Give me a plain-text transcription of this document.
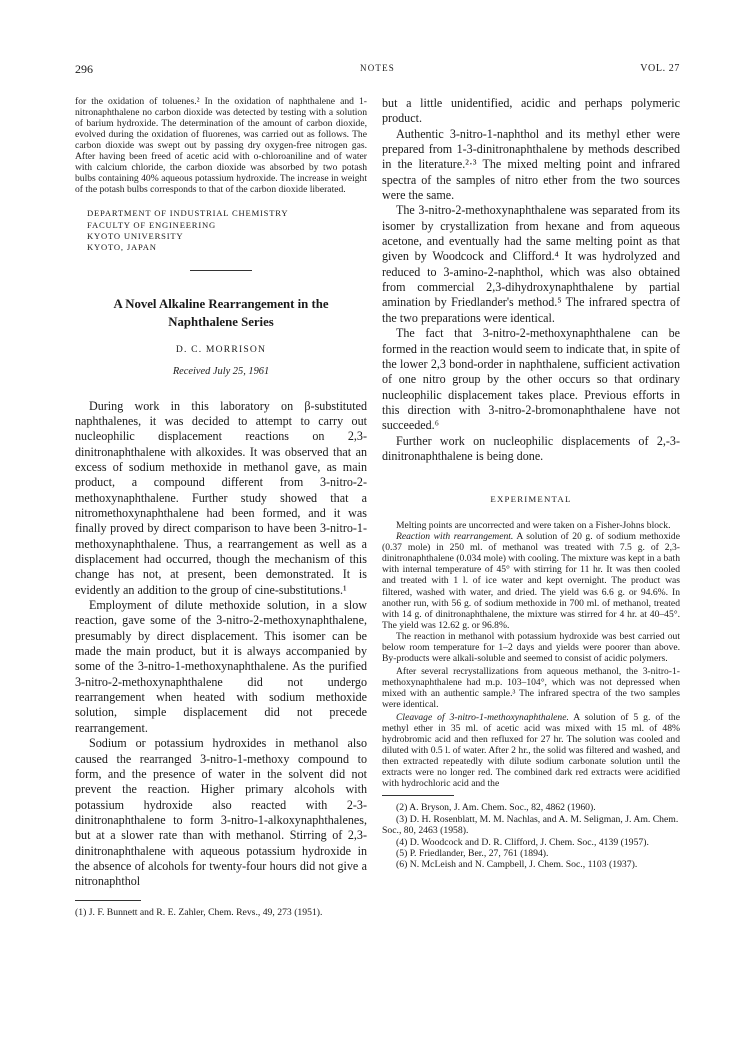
296	NOTES	VOL. 27

for the oxidation of toluenes.² In the oxidation of naphthalene and 1-nitronaphthalene no carbon dioxide was detected by testing with a solution of barium hydroxide. The determination of the amount of carbon dioxide, evolved during the oxidation of fluorenes, was carried out as follows. The carbon dioxide was swept out by passing dry oxygen-free nitrogen gas. After having been freed of acetic acid with o-chloroaniline and of water with calcium chloride, the carbon dioxide was absorbed by two potash bulbs containing 40% aqueous potassium hydroxide. The increase in weight of the potash bulbs corresponds to that of the carbon dioxide liberated.

DEPARTMENT OF INDUSTRIAL CHEMISTRY
FACULTY OF ENGINEERING
KYOTO UNIVERSITY
KYOTO, JAPAN
A Novel Alkaline Rearrangement in the
Naphthalene Series
D. C. MORRISON
Received July 25, 1961

During work in this laboratory on β-substituted naphthalenes, it was decided to attempt to carry out nucleophilic displacement reactions on 2,3-dinitronaphthalene with alkoxides. It was observed that an excess of sodium methoxide in methanol gave, as main product, a compound different from 3-nitro-2-methoxynaphthalene. Further study showed that a nitromethoxynaphthalene had been formed, and it was finally proved by direct comparison to have been 3-nitro-1-methoxynaphthalene. Thus, a rearrangement as well as a displacement had occurred, though the mechanism of this change has not, at present, been demonstrated. It is evidently an addition to the group of cine-substitutions.¹

Employment of dilute methoxide solution, in a slow reaction, gave some of the 3-nitro-2-methoxynaphthalene, presumably by direct displacement. This isomer can be made the main product, but it is always accompanied by some of the 3-nitro-1-methoxynaphthalene. As the purified 3-nitro-2-methoxynaphthalene did not undergo rearrangement when heated with sodium methoxide solution, simple displacement did not precede rearrangement.

Sodium or potassium hydroxides in methanol also caused the rearranged 3-nitro-1-methoxy compound to form, and the presence of water in the solvent did not prevent the reaction. Higher primary alcohols with potassium hydroxide also reacted with 2-3-dinitronaphthalene to form 3-nitro-1-alkoxynaphthalenes, but at a slower rate than with methanol. Stirring of 2,3-dinitronaphthalene with aqueous potassium hydroxide in the absence of alcohols for twenty-four hours did not give a nitronaphthol

(1) J. F. Bunnett and R. E. Zahler, Chem. Revs., 49, 273 (1951).

but a little unidentified, acidic and perhaps polymeric product.

Authentic 3-nitro-1-naphthol and its methyl ether were prepared from 1-3-dinitronaphthalene by methods described in the literature.²·³ The mixed melting point and infrared spectra of the samples of nitro ether from the two sources were the same.

The 3-nitro-2-methoxynaphthalene was separated from its isomer by crystallization from hexane and from aqueous acetone, and eventually had the same melting point as that given by Woodcock and Clifford.⁴ It was hydrolyzed and reduced to 3-amino-2-naphthol, which was also obtained from commercial 2,3-dihydroxynaphthalene by partial amination by Friedlander's method.⁵ The infrared spectra of the two preparations were identical.

The fact that 3-nitro-2-methoxynaphthalene can be formed in the reaction would seem to indicate that, in spite of the lower 2,3 bond-order in naphthalene, sufficient activation of one nitro group by the other occurs so that ordinary nucleophilic displacement takes place. Previous efforts in this direction with 3-nitro-2-bromonaphthalene have not succeeded.⁶

Further work on nucleophilic displacements of 2,-3-dinitronaphthalene is being done.

EXPERIMENTAL

Melting points are uncorrected and were taken on a Fisher-Johns block.

Reaction with rearrangement. A solution of 20 g. of sodium methoxide (0.37 mole) in 250 ml. of methanol was treated with 7.5 g. of 2,3-dinitronaphthalene (0.034 mole) with cooling. The mixture was kept in a bath with internal temperature of 45° with stirring for 11 hr. It was then cooled and treated with 1 l. of ice water and kept overnight. The product was filtered, washed with water, and dried. The yield was 6.6 g. or 94.6%. In another run, with 56 g. of sodium methoxide in 700 ml. of methanol, treated with 14 g. of dinitronaphthalene, the mixture was stirred for 4 hr. at 40–45°. The yield was 12.62 g. or 96.8%.

The reaction in methanol with potassium hydroxide was best carried out below room temperature for 1–2 days and yields were poorer than above. By-products were alkali-soluble and seemed to consist of acidic polymers.

After several recrystallizations from aqueous methanol, the 3-nitro-1-methoxynaphthalene had m.p. 103–104°, which was not depressed when mixed with an authentic sample.³ The infrared spectra of the two samples were identical.

Cleavage of 3-nitro-1-methoxynaphthalene. A solution of 5 g. of the methyl ether in 35 ml. of acetic acid was mixed with 15 ml. of 48% hydrobromic acid and then refluxed for 27 hr. The solution was cooled and diluted with 0.5 l. of water. After 2 hr., the solid was filtered and washed, and then extracted repeatedly with dilute sodium carbonate solution until the extracts were no longer red. The combined dark red extracts were acidified with hydrochloric acid and the

(2) A. Bryson, J. Am. Chem. Soc., 82, 4862 (1960).

(3) D. H. Rosenblatt, M. M. Nachlas, and A. M. Seligman, J. Am. Chem. Soc., 80, 2463 (1958).

(4) D. Woodcock and D. R. Clifford, J. Chem. Soc., 4139 (1957).

(5) P. Friedlander, Ber., 27, 761 (1894).

(6) N. McLeish and N. Campbell, J. Chem. Soc., 1103 (1937).
